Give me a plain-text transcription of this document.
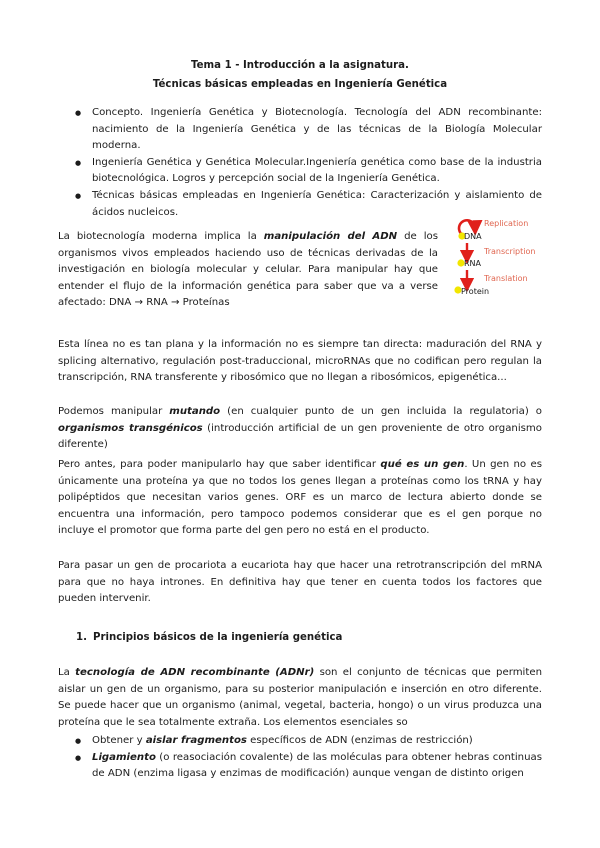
Tema 1 - Introducción a la asignatura.
Técnicas básicas empleadas en Ingeniería Genética
● Concepto. Ingeniería Genética y Biotecnología. Tecnología del ADN recombinante: nacimiento de la Ingeniería Genética y de las técnicas de la Biología Molecular moderna.
● Ingeniería Genética y Genética Molecular.Ingeniería genética como base de la industria biotecnológica. Logros y percepción social de la Ingeniería Genética.
● Técnicas básicas empleadas en Ingeniería Genética: Caracterización y aislamiento de ácidos nucleicos.

La biotecnología moderna implica la manipulación del ADN de los organismos vivos empleados haciendo uso de técnicas derivadas de la investigación en biología molecular y celular. Para manipular hay que entender el flujo de la información genética para saber que va a verse afectado: DNA → RNA → Proteínas

Replication
DNA
Transcription
RNA
Translation
Protein

Esta línea no es tan plana y la información no es siempre tan directa: maduración del RNA y splicing alternativo, regulación post-traduccional, microRNAs que no codifican pero regulan la transcripción, RNA transferente y ribosómico que no llegan a ribosómicos, epigenética...

Podemos manipular mutando (en cualquier punto de un gen incluida la regulatoria) o organismos transgénicos (introducción artificial de un gen proveniente de otro organismo diferente)

Pero antes, para poder manipularlo hay que saber identificar qué es un gen. Un gen no es únicamente una proteína ya que no todos los genes llegan a proteínas como los tRNA y hay polipéptidos que necesitan varios genes. ORF es un marco de lectura abierto donde se encuentra una información, pero tampoco podemos considerar que es el gen porque no incluye el promotor que forma parte del gen pero no está en el producto.

Para pasar un gen de procariota a eucariota hay que hacer una retrotranscripción del mRNA para que no haya intrones. En definitiva hay que tener en cuenta todos los factores que pueden intervenir.

1. Principios básicos de la ingeniería genética

La tecnología de ADN recombinante (ADNr) son el conjunto de técnicas que permiten aislar un gen de un organismo, para su posterior manipulación e inserción en otro diferente. Se puede hacer que un organismo (animal, vegetal, bacteria, hongo) o un virus produzca una proteína que le sea totalmente extraña. Los elementos esenciales so

● Obtener y aislar fragmentos específicos de ADN (enzimas de restricción)
● Ligamiento (o reasociación covalente) de las moléculas para obtener hebras continuas de ADN (enzima ligasa y enzimas de modificación) aunque vengan de distinto origen
